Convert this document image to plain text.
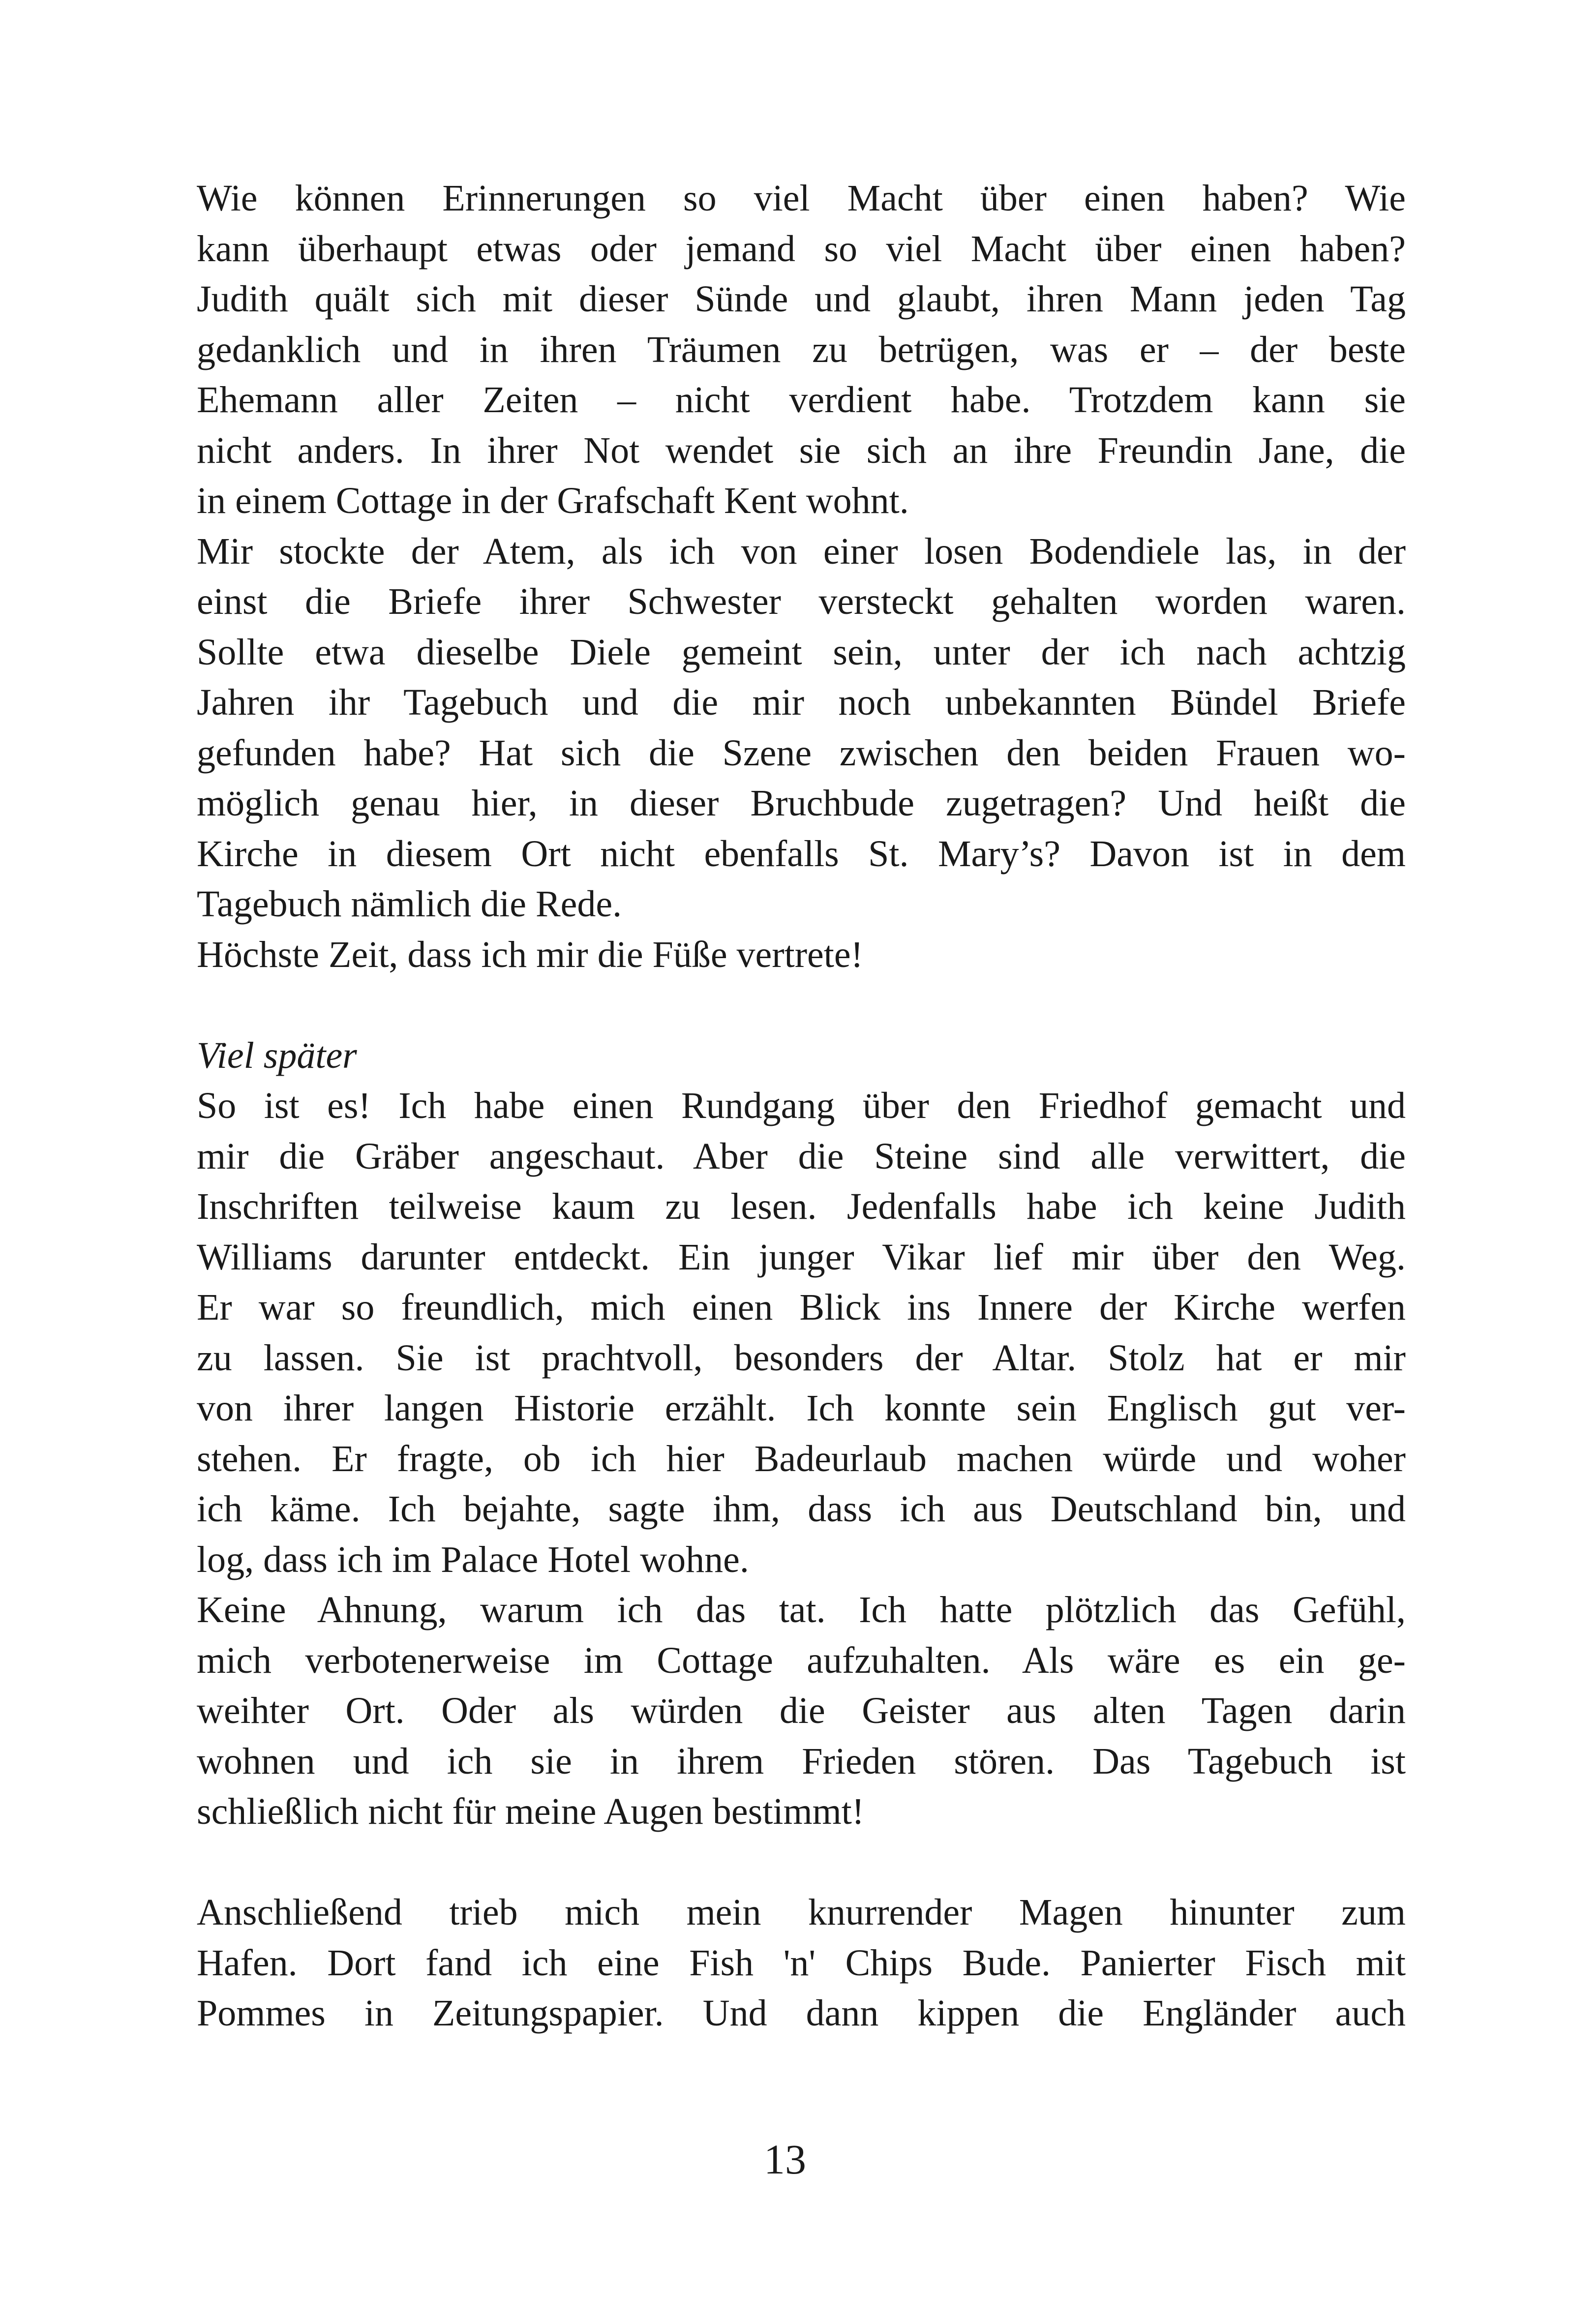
Wie können Erinnerungen so viel Macht über einen haben? Wie
kann überhaupt etwas oder jemand so viel Macht über einen haben?
Judith quält sich mit dieser Sünde und glaubt, ihren Mann jeden Tag
gedanklich und in ihren Träumen zu betrügen, was er – der beste
Ehemann aller Zeiten – nicht verdient habe. Trotzdem kann sie
nicht anders. In ihrer Not wendet sie sich an ihre Freundin Jane, die
in einem Cottage in der Grafschaft Kent wohnt.
Mir stockte der Atem, als ich von einer losen Bodendiele las, in der
einst die Briefe ihrer Schwester versteckt gehalten worden waren.
Sollte etwa dieselbe Diele gemeint sein, unter der ich nach achtzig
Jahren ihr Tagebuch und die mir noch unbekannten Bündel Briefe
gefunden habe? Hat sich die Szene zwischen den beiden Frauen wo-
möglich genau hier, in dieser Bruchbude zugetragen? Und heißt die
Kirche in diesem Ort nicht ebenfalls St. Mary’s? Davon ist in dem
Tagebuch nämlich die Rede.
Höchste Zeit, dass ich mir die Füße vertrete!
Viel später
So ist es! Ich habe einen Rundgang über den Friedhof gemacht und
mir die Gräber angeschaut. Aber die Steine sind alle verwittert, die
Inschriften teilweise kaum zu lesen. Jedenfalls habe ich keine Judith
Williams darunter entdeckt. Ein junger Vikar lief mir über den Weg.
Er war so freundlich, mich einen Blick ins Innere der Kirche werfen
zu lassen. Sie ist prachtvoll, besonders der Altar. Stolz hat er mir
von ihrer langen Historie erzählt. Ich konnte sein Englisch gut ver-
stehen. Er fragte, ob ich hier Badeurlaub machen würde und woher
ich käme. Ich bejahte, sagte ihm, dass ich aus Deutschland bin, und
log, dass ich im Palace Hotel wohne.
Keine Ahnung, warum ich das tat. Ich hatte plötzlich das Gefühl,
mich verbotenerweise im Cottage aufzuhalten. Als wäre es ein ge-
weihter Ort. Oder als würden die Geister aus alten Tagen darin
wohnen und ich sie in ihrem Frieden stören. Das Tagebuch ist
schließlich nicht für meine Augen bestimmt!
Anschließend trieb mich mein knurrender Magen hinunter zum
Hafen. Dort fand ich eine Fish 'n' Chips Bude. Panierter Fisch mit
Pommes in Zeitungspapier. Und dann kippen die Engländer auch
13
